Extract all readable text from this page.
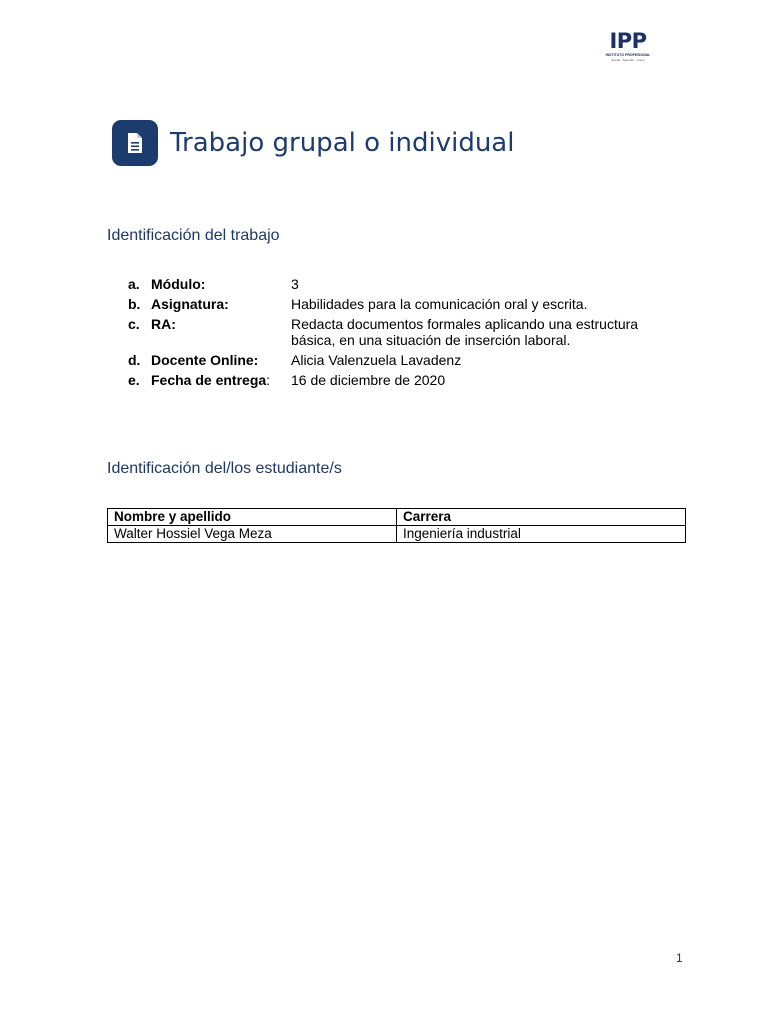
IPP
INSTITUTO PROFESIONAL
Sueña · Aprende · Crece
Trabajo grupal o individual
Identificación del trabajo
a. Módulo:	3
b. Asignatura:	Habilidades para la comunicación oral y escrita.
c. RA:	Redacta documentos formales aplicando una estructura básica, en una situación de inserción laboral.
d. Docente Online:	Alicia Valenzuela Lavadenz
e. Fecha de entrega:	16 de diciembre de 2020
Identificación del/los estudiante/s
Nombre y apellido	Carrera
Walter Hossiel Vega Meza	Ingeniería industrial
1
